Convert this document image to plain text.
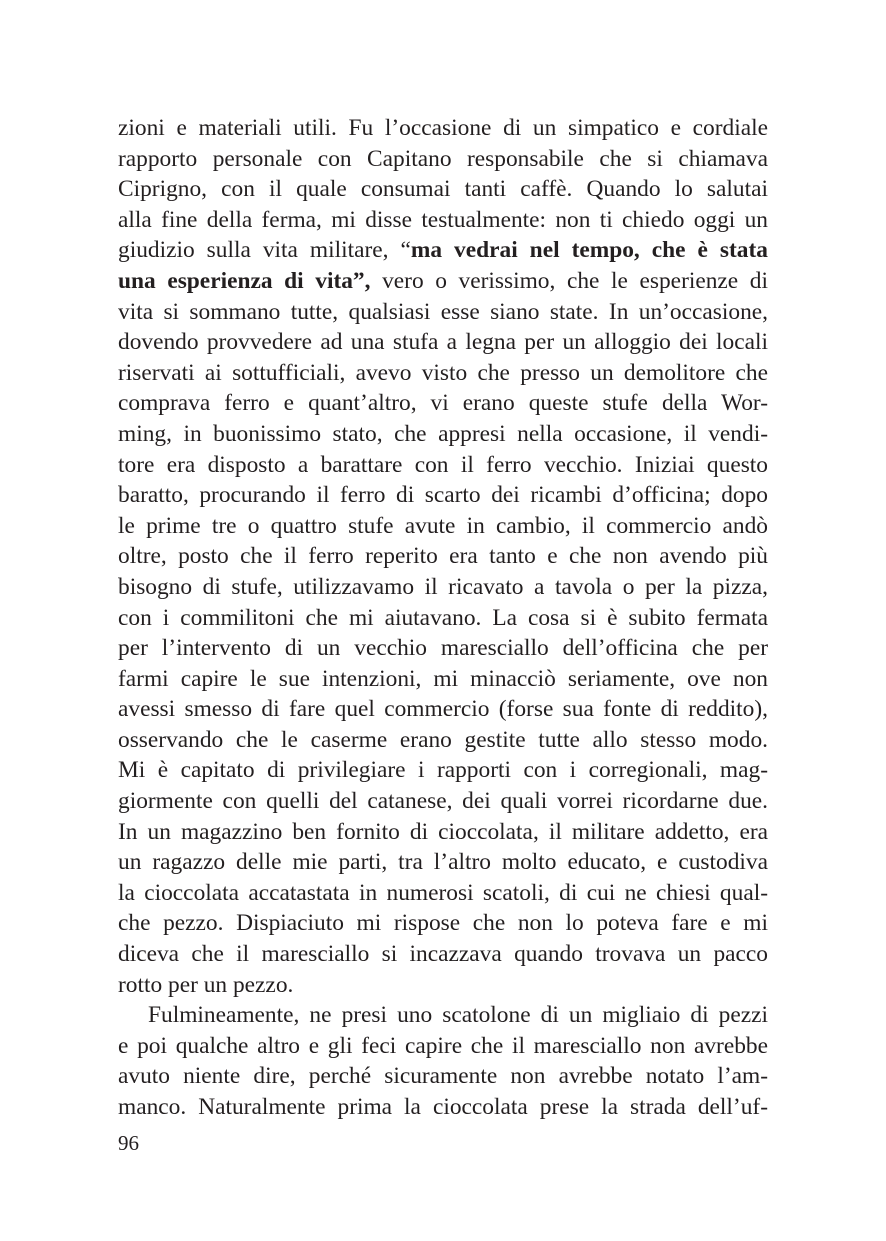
zioni e materiali utili. Fu l’occasione di un simpatico e cordiale
rapporto personale con Capitano responsabile che si chiamava
Ciprigno, con il quale consumai tanti caffè. Quando lo salutai
alla fine della ferma, mi disse testualmente: non ti chiedo oggi un
giudizio sulla vita militare, “ma vedrai nel tempo, che è stata
una esperienza di vita”, vero o verissimo, che le esperienze di
vita si sommano tutte, qualsiasi esse siano state. In un’occasione,
dovendo provvedere ad una stufa a legna per un alloggio dei locali
riservati ai sottufficiali, avevo visto che presso un demolitore che
comprava ferro e quant’altro, vi erano queste stufe della Wor-
ming, in buonissimo stato, che appresi nella occasione, il vendi-
tore era disposto a barattare con il ferro vecchio. Iniziai questo
baratto, procurando il ferro di scarto dei ricambi d’officina; dopo
le prime tre o quattro stufe avute in cambio, il commercio andò
oltre, posto che il ferro reperito era tanto e che non avendo più
bisogno di stufe, utilizzavamo il ricavato a tavola o per la pizza,
con i commilitoni che mi aiutavano. La cosa si è subito fermata
per l’intervento di un vecchio maresciallo dell’officina che per
farmi capire le sue intenzioni, mi minacciò seriamente, ove non
avessi smesso di fare quel commercio (forse sua fonte di reddito),
osservando che le caserme erano gestite tutte allo stesso modo.
Mi è capitato di privilegiare i rapporti con i corregionali, mag-
giormente con quelli del catanese, dei quali vorrei ricordarne due.
In un magazzino ben fornito di cioccolata, il militare addetto, era
un ragazzo delle mie parti, tra l’altro molto educato, e custodiva
la cioccolata accatastata in numerosi scatoli, di cui ne chiesi qual-
che pezzo. Dispiaciuto mi rispose che non lo poteva fare e mi
diceva che il maresciallo si incazzava quando trovava un pacco
rotto per un pezzo.
Fulmineamente, ne presi uno scatolone di un migliaio di pezzi
e poi qualche altro e gli feci capire che il maresciallo non avrebbe
avuto niente dire, perché sicuramente non avrebbe notato l’am-
manco. Naturalmente prima la cioccolata prese la strada dell’uf-
96
